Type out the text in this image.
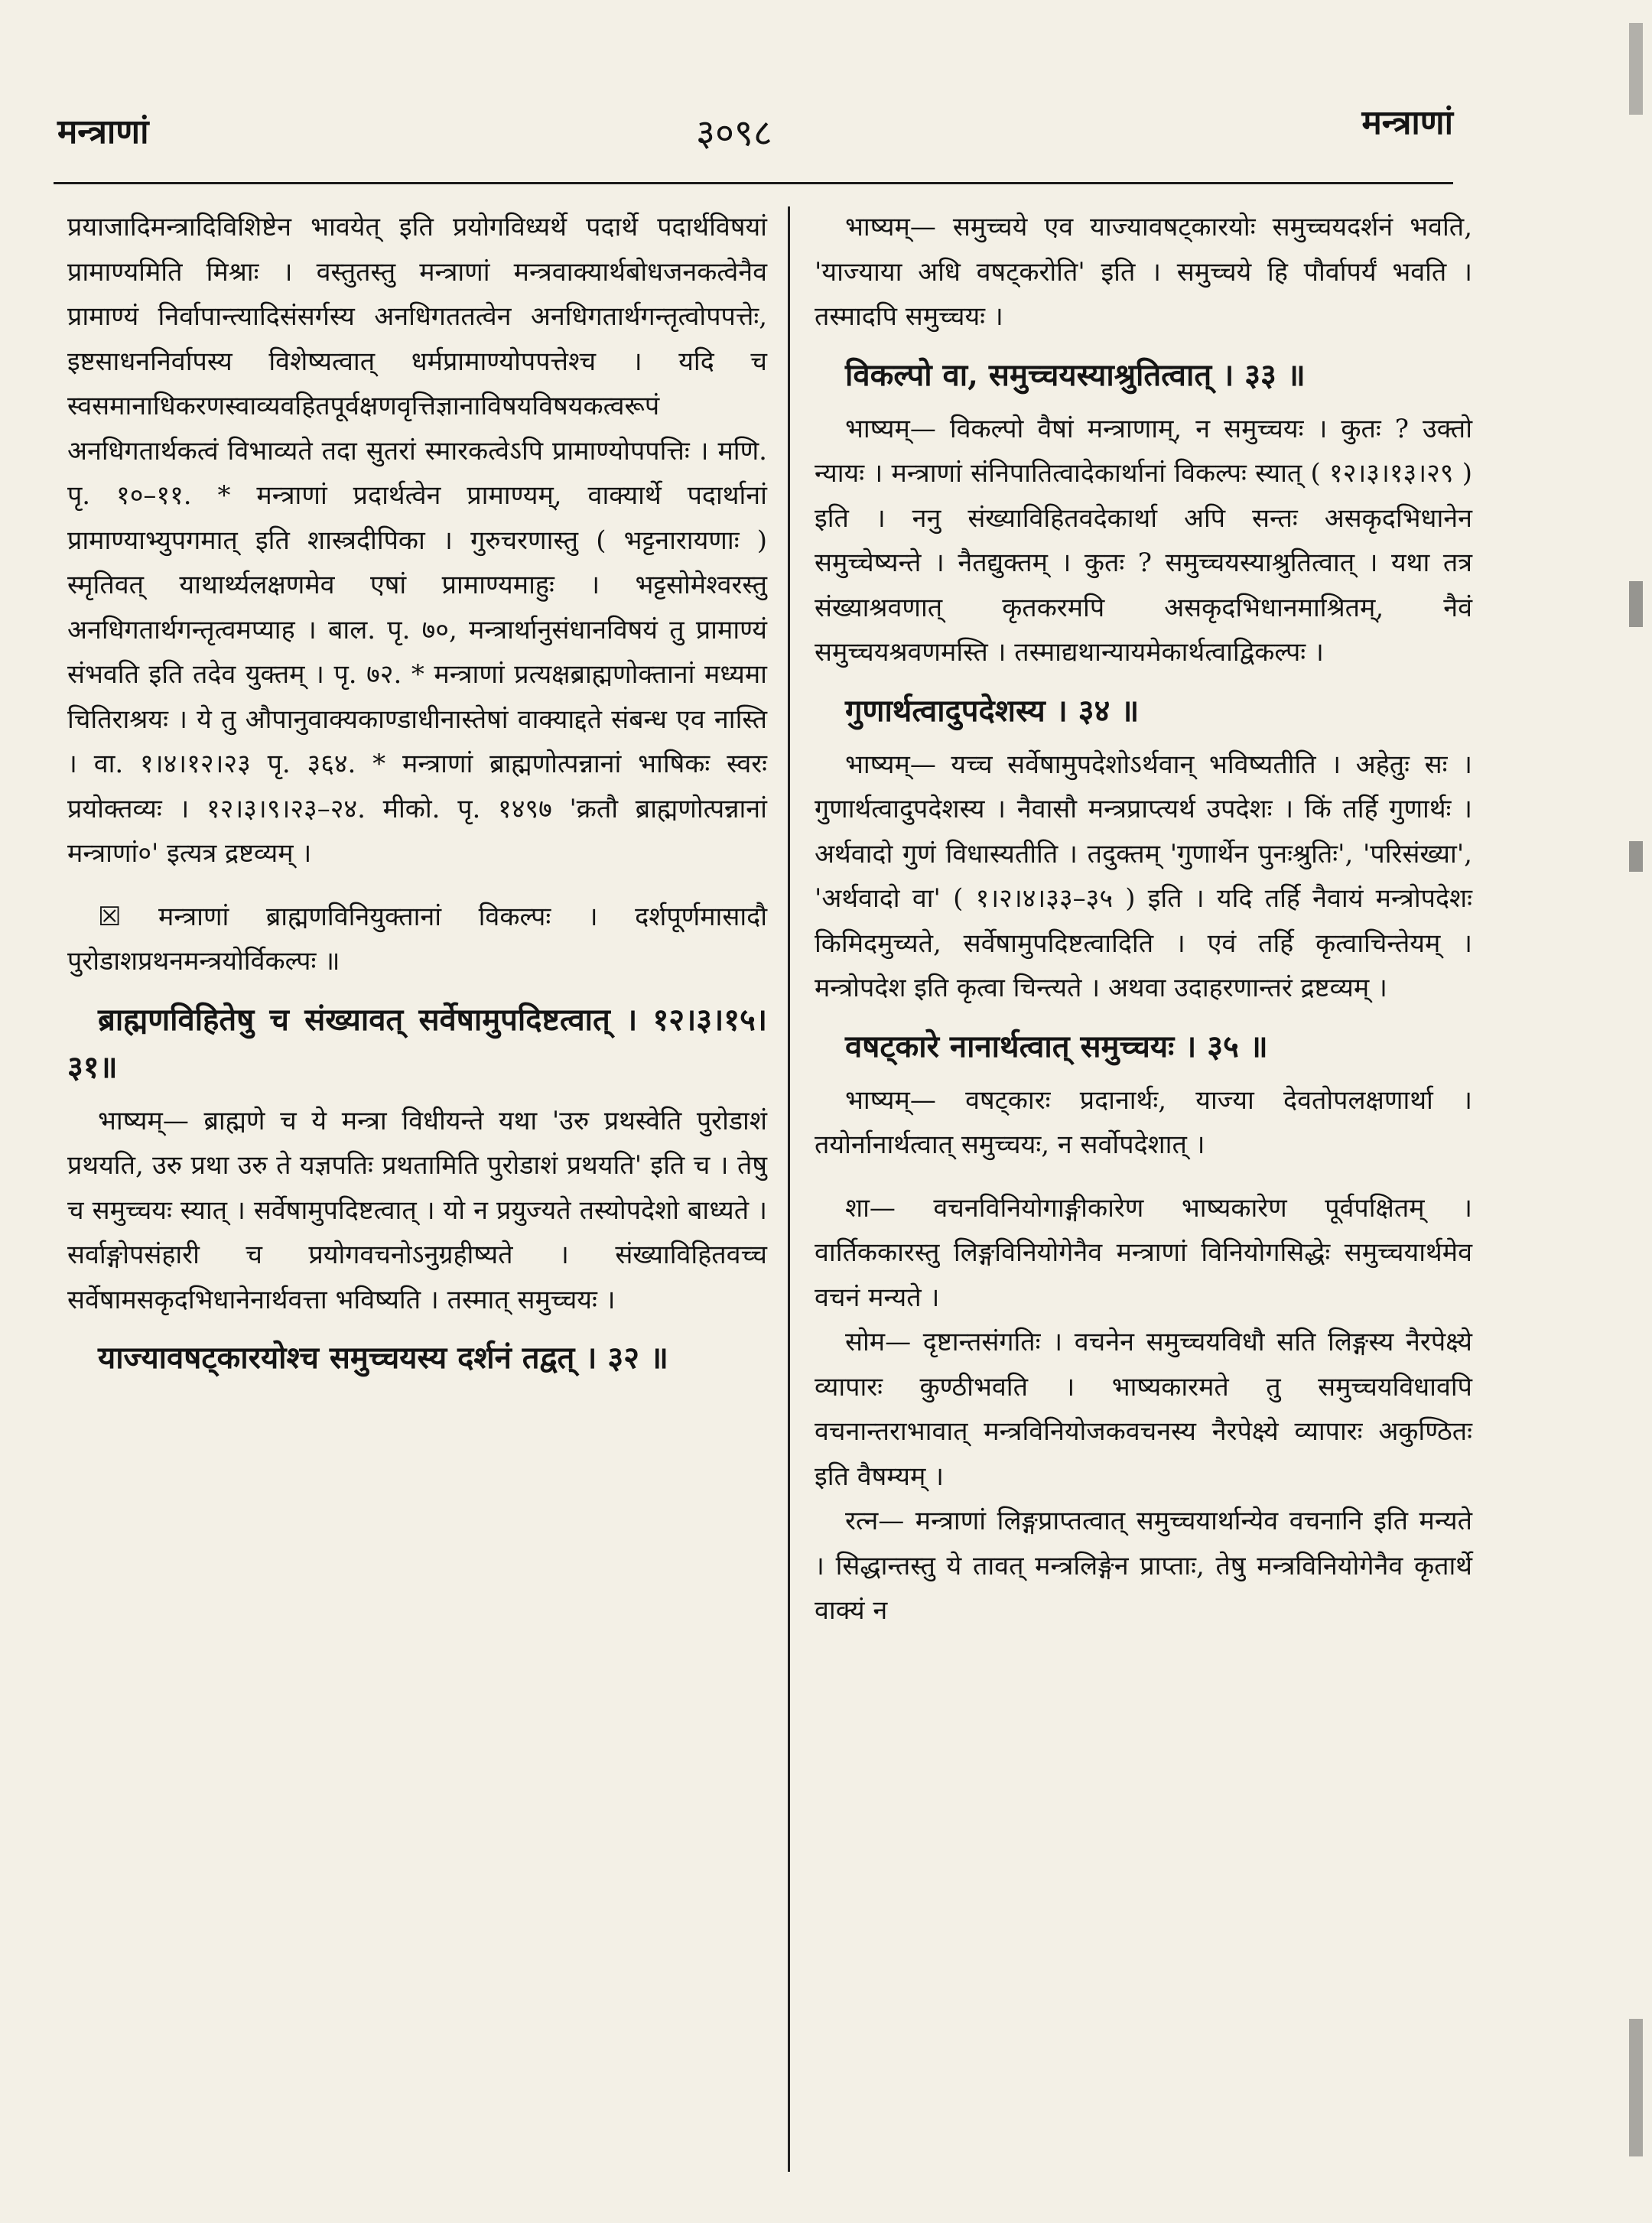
मन्त्राणां	३०९८	मन्त्राणां

प्रयाजादिमन्त्रादिविशिष्टेन भावयेत् इति प्रयोगविध्यर्थे पदार्थे पदार्थविषयां प्रामाण्यमिति मिश्राः । वस्तुतस्तु मन्त्राणां मन्त्रवाक्यार्थबोधजनकत्वेनैव प्रामाण्यं निर्वापान्त्यादिसंसर्गस्य अनधिगततत्वेन अनधिगतार्थगन्तृत्वोपपत्तेः, इष्टसाधननिर्वापस्य विशेष्यत्वात् धर्मप्रामाण्योपपत्तेश्च । यदि च स्वसमानाधिकरणस्वाव्यवहितपूर्वक्षणवृत्तिज्ञानाविषयविषयकत्वरूपं अनधिगतार्थकत्वं विभाव्यते तदा सुतरां स्मारकत्वेऽपि प्रामाण्योपपत्तिः । मणि. पृ. १०–११. * मन्त्राणां प्रदार्थत्वेन प्रामाण्यम्, वाक्यार्थे पदार्थानां प्रामाण्याभ्युपगमात् इति शास्त्रदीपिका । गुरुचरणास्तु ( भट्टनारायणाः ) स्मृतिवत् याथार्थ्यलक्षणमेव एषां प्रामाण्यमाहुः । भट्टसोमेश्वरस्तु अनधिगतार्थगन्तृत्वमप्याह । बाल. पृ. ७०, मन्त्रार्थानुसंधानविषयं तु प्रामाण्यं संभवति इति तदेव युक्तम् । पृ. ७२. * मन्त्राणां प्रत्यक्षब्राह्मणोक्तानां मध्यमा चितिराश्रयः । ये तु औपानुवाक्यकाण्डाधीनास्तेषां वाक्याद्दते संबन्ध एव नास्ति । वा. १।४।१२।२३ पृ. ३६४. * मन्त्राणां ब्राह्मणोत्पन्नानां भाषिकः स्वरः प्रयोक्तव्यः । १२।३।९।२३–२४. मीको. पृ. १४९७ 'क्रतौ ब्राह्मणोत्पन्नानां मन्त्राणां०' इत्यत्र द्रष्टव्यम् ।

☒ मन्त्राणां ब्राह्मणविनियुक्तानां विकल्पः । दर्शपूर्णमासादौ पुरोडाशप्रथनमन्त्रयोर्विकल्पः ॥

ब्राह्मणविहितेषु च संख्यावत् सर्वेषामुपदिष्टत्वात् । १२।३।१५।३१॥

भाष्यम्— ब्राह्मणे च ये मन्त्रा विधीयन्ते यथा 'उरु प्रथस्वेति पुरोडाशं प्रथयति, उरु प्रथा उरु ते यज्ञपतिः प्रथतामिति पुरोडाशं प्रथयति' इति च । तेषु च समुच्चयः स्यात् । सर्वेषामुपदिष्टत्वात् । यो न प्रयुज्यते तस्योपदेशो बाध्यते । सर्वाङ्गोपसंहारी च प्रयोगवचनोऽनुग्रहीष्यते । संख्याविहितवच्च सर्वेषामसकृदभिधानेनार्थवत्ता भविष्यति । तस्मात् समुच्चयः ।

याज्यावषट्कारयोश्च समुच्चयस्य दर्शनं तद्वत् । ३२ ॥

भाष्यम्— समुच्चये एव याज्यावषट्कारयोः समुच्चयदर्शनं भवति, 'याज्याया अधि वषट्करोति' इति । समुच्चये हि पौर्वापर्यं भवति । तस्मादपि समुच्चयः ।

विकल्पो वा, समुच्चयस्याश्रुतित्वात् । ३३ ॥

भाष्यम्— विकल्पो वैषां मन्त्राणाम्, न समुच्चयः । कुतः ? उक्तो न्यायः । मन्त्राणां संनिपातित्वादेकार्थानां विकल्पः स्यात् ( १२।३।१३।२९ ) इति । ननु संख्याविहितवदेकार्था अपि सन्तः असकृदभिधानेन समुच्चेष्यन्ते । नैतद्युक्तम् । कुतः ? समुच्चयस्याश्रुतित्वात् । यथा तत्र संख्याश्रवणात् कृतकरमपि असकृदभिधानमाश्रितम्, नैवं समुच्चयश्रवणमस्ति । तस्माद्यथान्यायमेकार्थत्वाद्विकल्पः ।

गुणार्थत्वादुपदेशस्य । ३४ ॥

भाष्यम्— यच्च सर्वेषामुपदेशोऽर्थवान् भविष्यतीति । अहेतुः सः । गुणार्थत्वादुपदेशस्य । नैवासौ मन्त्रप्राप्त्यर्थ उपदेशः । किं तर्हि गुणार्थः । अर्थवादो गुणं विधास्यतीति । तदुक्तम् 'गुणार्थेन पुनःश्रुतिः', 'परिसंख्या', 'अर्थवादो वा' ( १।२।४।३३–३५ ) इति । यदि तर्हि नैवायं मन्त्रोपदेशः किमिदमुच्यते, सर्वेषामुपदिष्टत्वादिति । एवं तर्हि कृत्वाचिन्तेयम् । मन्त्रोपदेश इति कृत्वा चिन्त्यते । अथवा उदाहरणान्तरं द्रष्टव्यम् ।

वषट्कारे नानार्थत्वात् समुच्चयः । ३५ ॥

भाष्यम्— वषट्कारः प्रदानार्थः, याज्या देवतोपलक्षणार्था । तयोर्नानार्थत्वात् समुच्चयः, न सर्वोपदेशात् ।

शा— वचनविनियोगाङ्गीकारेण भाष्यकारेण पूर्वपक्षितम् । वार्तिककारस्तु लिङ्गविनियोगेनैव मन्त्राणां विनियोगसिद्धेः समुच्चयार्थमेव वचनं मन्यते ।

सोम— दृष्टान्तसंगतिः । वचनेन समुच्चयविधौ सति लिङ्गस्य नैरपेक्ष्ये व्यापारः कुण्ठीभवति । भाष्यकारमते तु समुच्चयविधावपि वचनान्तराभावात् मन्त्रविनियोजकवचनस्य नैरपेक्ष्ये व्यापारः अकुण्ठितः इति वैषम्यम् ।

रत्न— मन्त्राणां लिङ्गप्राप्तत्वात् समुच्चयार्थान्येव वचनानि इति मन्यते । सिद्धान्तस्तु ये तावत् मन्त्रलिङ्गेन प्राप्ताः, तेषु मन्त्रविनियोगेनैव कृतार्थे वाक्यं न
